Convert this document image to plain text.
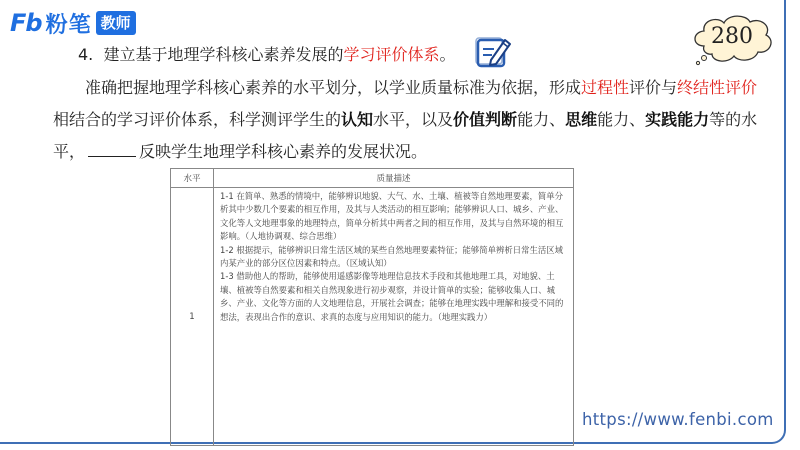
Fb 粉笔 教师
280
4. 建立基于地理学科核心素养发展的学习评价体系。
准确把握地理学科核心素养的水平划分，以学业质量标准为依据，形成过程性评价与终结性评价相结合的学习评价体系，科学测评学生的认知水平，以及价值判断能力、思维能力、实践能力等的水平，	反映学生地理学科核心素养的发展状况。
水平	质量描述
1	1-1 在简单、熟悉的情境中，能够辨识地貌、大气、水、土壤、植被等自然地理要素，简单分析其中少数几个要素的相互作用，及其与人类活动的相互影响；能够辨识人口、城乡、产业、文化等人文地理事象的地理特点，简单分析其中两者之间的相互作用，及其与自然环境的相互影响。（人地协调观、综合思维）

1-2 根据提示，能够辨识日常生活区域的某些自然地理要素特征；能够简单辨析日常生活区域内某产业的部分区位因素和特点。（区域认知）

1-3 借助他人的帮助，能够使用遥感影像等地理信息技术手段和其他地理工具，对地貌、土壤、植被等自然要素和相关自然现象进行初步观察，并设计简单的实验；能够收集人口、城乡、产业、文化等方面的人文地理信息，开展社会调查；能够在地理实践中理解和接受不同的想法，表现出合作的意识、求真的态度与应用知识的能力。（地理实践力）

https://www.fenbi.com
